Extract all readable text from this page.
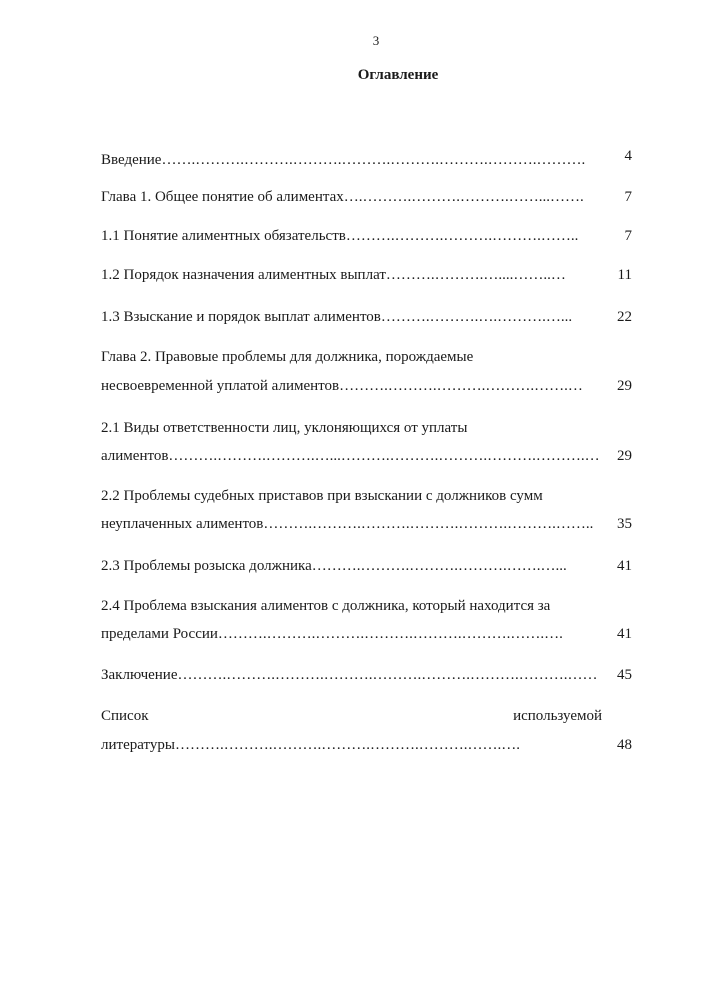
3
Оглавление
Введение…….……….……….……….……….……….……….……….……….	4
Глава 1. Общее понятие об алиментах….……….……….……….……...…….	7
1.1 Понятие алиментных обязательств……….……….……….……….……..	7
1.2 Порядок назначения алиментных выплат……….……….…....……..…	11
1.3 Взыскание и порядок выплат алиментов……….……….….……….…...	22
Глава 2. Правовые проблемы для должника, порождаемые
несвоевременной уплатой алиментов……….……….……….……….…….…	29
2.1 Виды ответственности лиц, уклоняющихся от уплаты
алиментов……….……….……….…...……….……….……….……….……….…	29
2.2 Проблемы судебных приставов при взыскании с должников сумм
неуплаченных алиментов……….……….……….……….……….……….……..	35
2.3 Проблемы розыска должника……….……….……….……….…….…...	41
2.4 Проблема взыскания алиментов с должника, который находится за
пределами России……….……….……….……….……….……….…….….	41
Заключение……….……….……….……….……….……….……….……….……	45
Список	используемой
литературы……….……….……….……….……….……….…….….	48
